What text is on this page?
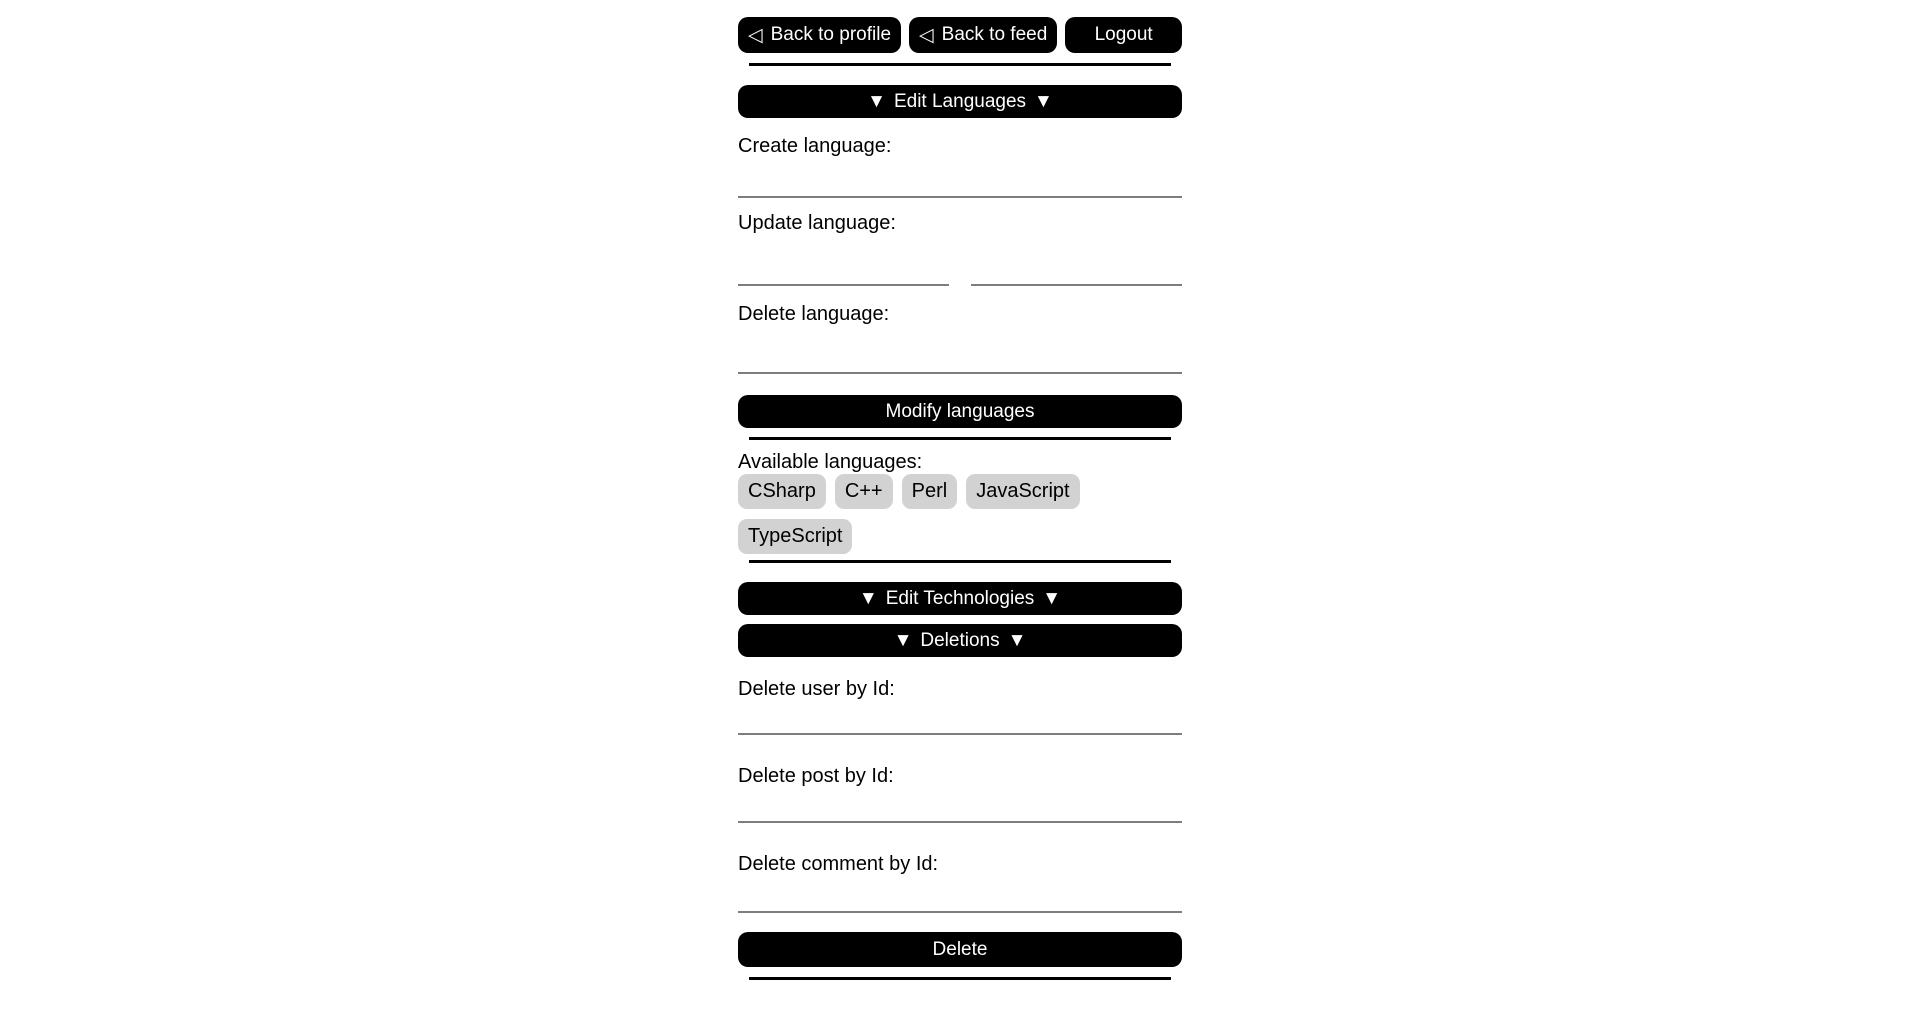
◁ Back to profile ◁ Back to feed Logout
▼ Edit Languages ▼
Create language:
Update language:
Delete language:
Modify languages
Available languages:
CSharp	C++	Perl	JavaScript
TypeScript
▼ Edit Technologies ▼

▼ Deletions ▼
Delete user by Id:
Delete post by Id:
Delete comment by Id:
Delete
